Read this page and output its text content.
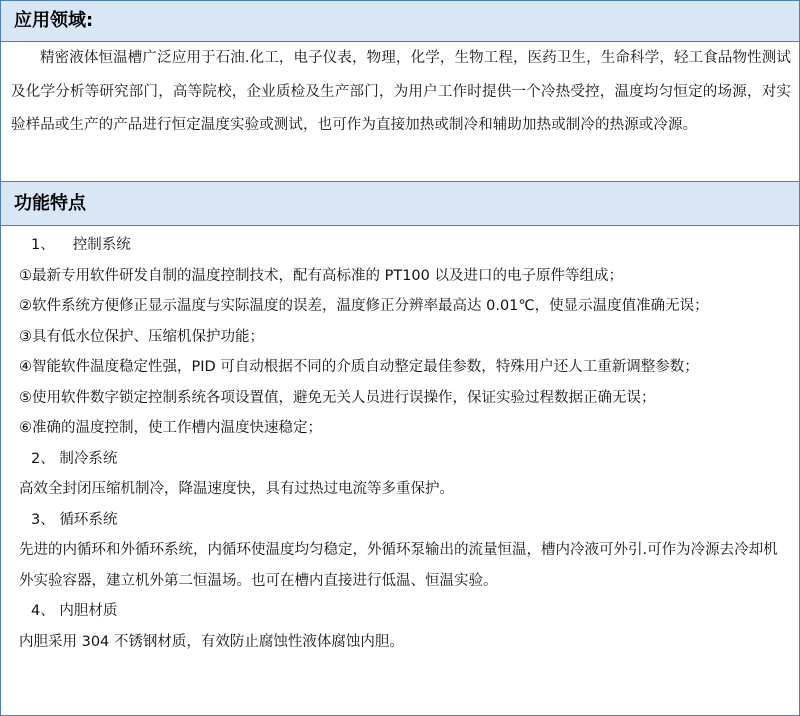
应用领域:

精密液体恒温槽广泛应用于石油.化工，电子仪表，物理，化学，生物工程，医药卫生，生命科学，轻工食品物性测试及化学分析等研究部门，高等院校，企业质检及生产部门，为用户工作时提供一个冷热受控，温度均匀恒定的场源，对实验样品或生产的产品进行恒定温度实验或测试，也可作为直接加热或制冷和辅助加热或制冷的热源或冷源。

功能特点
1、 控制系统
①最新专用软件研发自制的温度控制技术，配有高标准的 PT100 以及进口的电子原件等组成；
②软件系统方便修正显示温度与实际温度的误差，温度修正分辨率最高达 0.01℃，使显示温度值准确无误；
③具有低水位保护、压缩机保护功能；
④智能软件温度稳定性强，PID 可自动根据不同的介质自动整定最佳参数，特殊用户还人工重新调整参数；
⑤使用软件数字锁定控制系统各项设置值，避免无关人员进行误操作，保证实验过程数据正确无误；
⑥准确的温度控制，使工作槽内温度快速稳定；
2、 制冷系统
高效全封闭压缩机制冷，降温速度快，具有过热过电流等多重保护。
3、 循环系统
先进的内循环和外循环系统，内循环使温度均匀稳定，外循环泵输出的流量恒温，槽内冷液可外引.可作为冷源去冷却机外实验容器，建立机外第二恒温场。也可在槽内直接进行低温、恒温实验。
4、 内胆材质
内胆采用 304 不锈钢材质，有效防止腐蚀性液体腐蚀内胆。
